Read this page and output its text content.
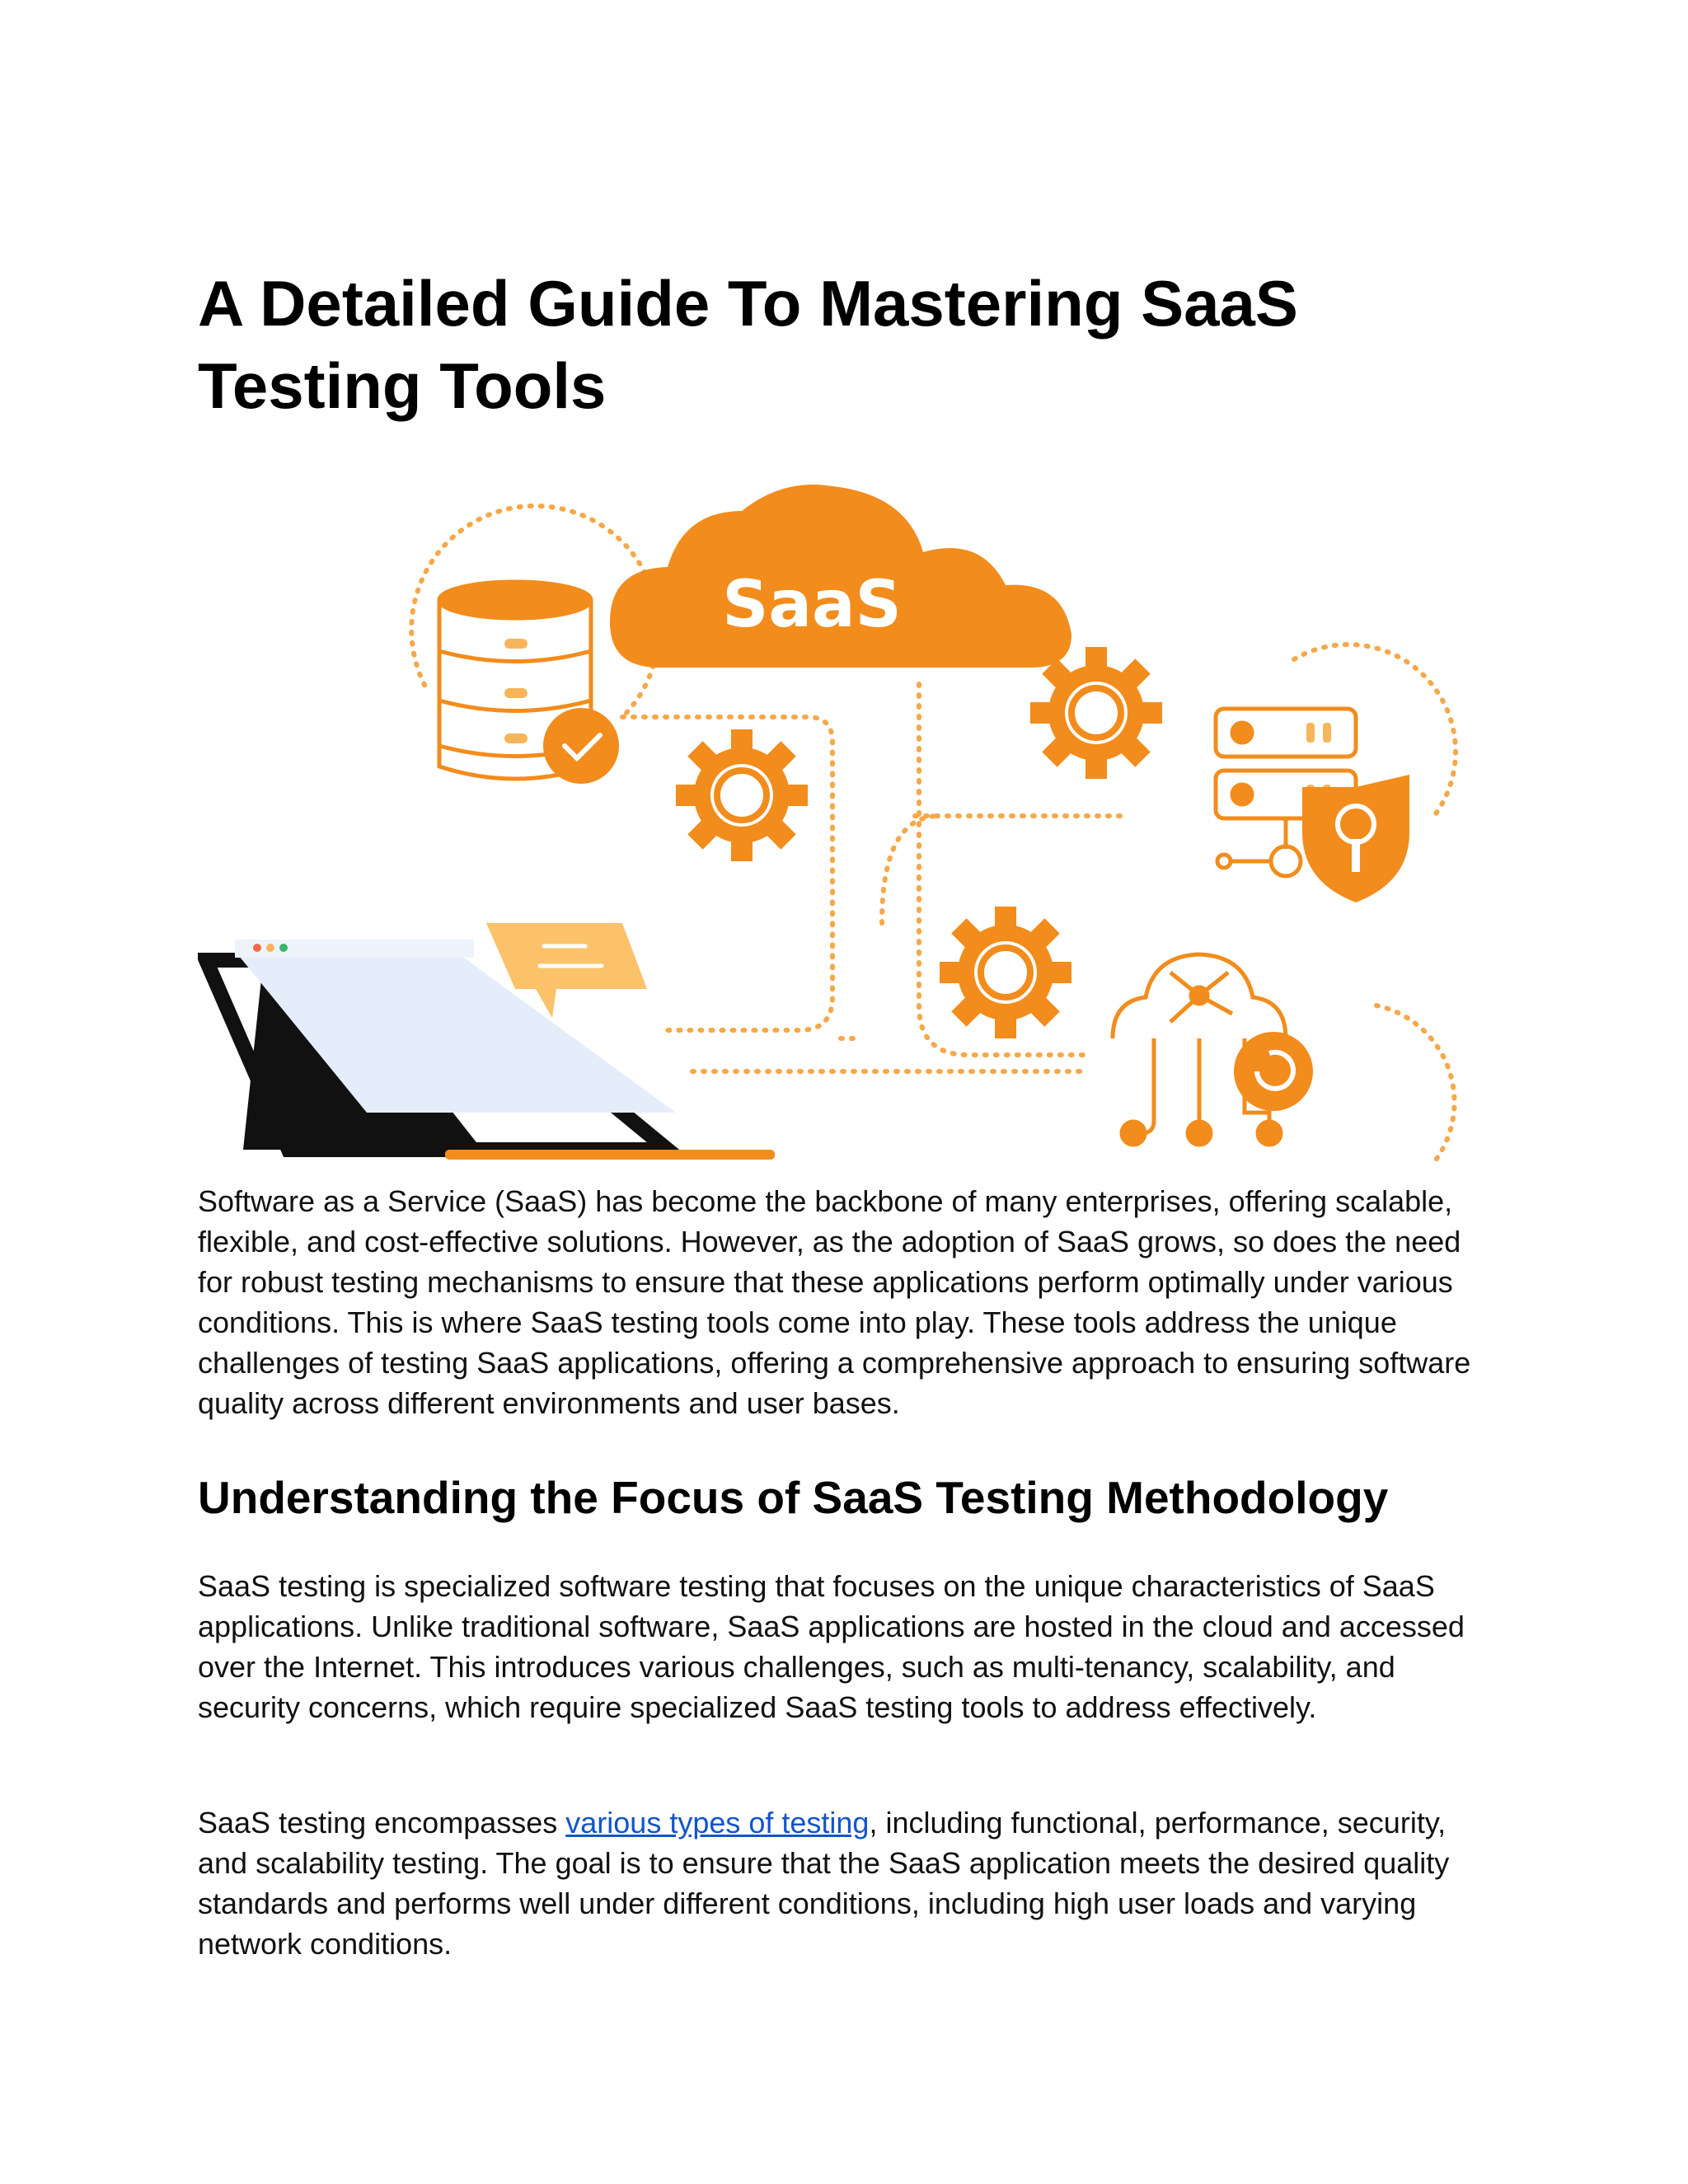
A Detailed Guide To Mastering SaaS
Testing Tools
SaaS

Software as a Service (SaaS) has become the backbone of many enterprises, offering scalable, flexible, and cost-effective solutions. However, as the adoption of SaaS grows, so does the need for robust testing mechanisms to ensure that these applications perform optimally under various conditions. This is where SaaS testing tools come into play. These tools address the unique challenges of testing SaaS applications, offering a comprehensive approach to ensuring software quality across different environments and user bases.

Understanding the Focus of SaaS Testing Methodology

SaaS testing is specialized software testing that focuses on the unique characteristics of SaaS applications. Unlike traditional software, SaaS applications are hosted in the cloud and accessed over the Internet. This introduces various challenges, such as multi-tenancy, scalability, and security concerns, which require specialized SaaS testing tools to address effectively.

SaaS testing encompasses various types of testing, including functional, performance, security, and scalability testing. The goal is to ensure that the SaaS application meets the desired quality standards and performs well under different conditions, including high user loads and varying network conditions.
